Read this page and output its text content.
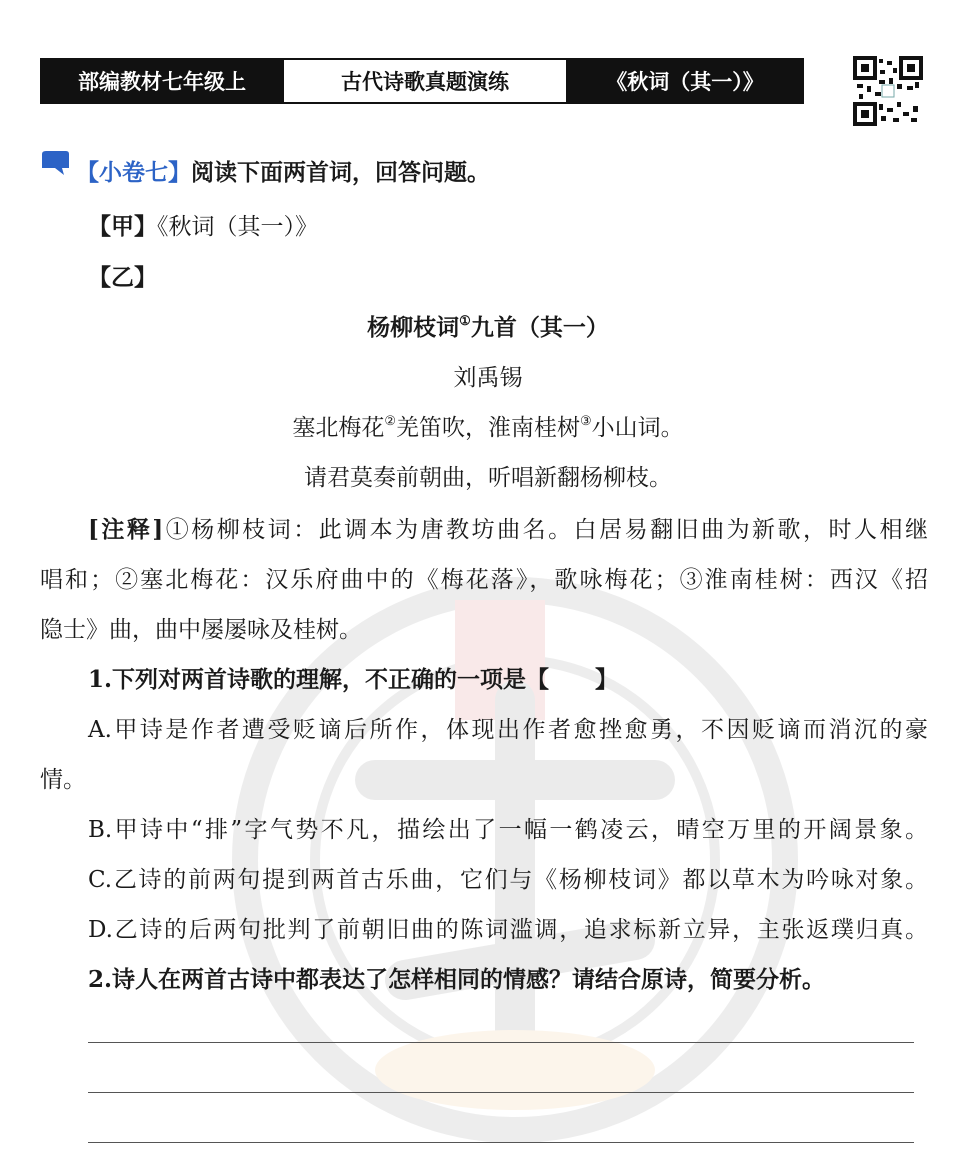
部编教材七年级上	古代诗歌真题演练	《秋词（其一）》
【小卷七】阅读下面两首词，回答问题。
【甲】《秋词（其一）》
【乙】
杨柳枝词①九首（其一）
刘禹锡
塞北梅花②羌笛吹，淮南桂树③小山词。
请君莫奏前朝曲，听唱新翻杨柳枝。
[注释]①杨柳枝词：此调本为唐教坊曲名。白居易翻旧曲为新歌，时人相继
唱和；②塞北梅花：汉乐府曲中的《梅花落》，歌咏梅花；③淮南桂树：西汉《招
隐士》曲，曲中屡屡咏及桂树。
1.下列对两首诗歌的理解，不正确的一项是【　　】
A.甲诗是作者遭受贬谪后所作，体现出作者愈挫愈勇，不因贬谪而消沉的豪
情。
B.甲诗中“排”字气势不凡，描绘出了一幅一鹤凌云，晴空万里的开阔景象。
C.乙诗的前两句提到两首古乐曲，它们与《杨柳枝词》都以草木为吟咏对象。
D.乙诗的后两句批判了前朝旧曲的陈词滥调，追求标新立异，主张返璞归真。
2.诗人在两首古诗中都表达了怎样相同的情感？请结合原诗，简要分析。
